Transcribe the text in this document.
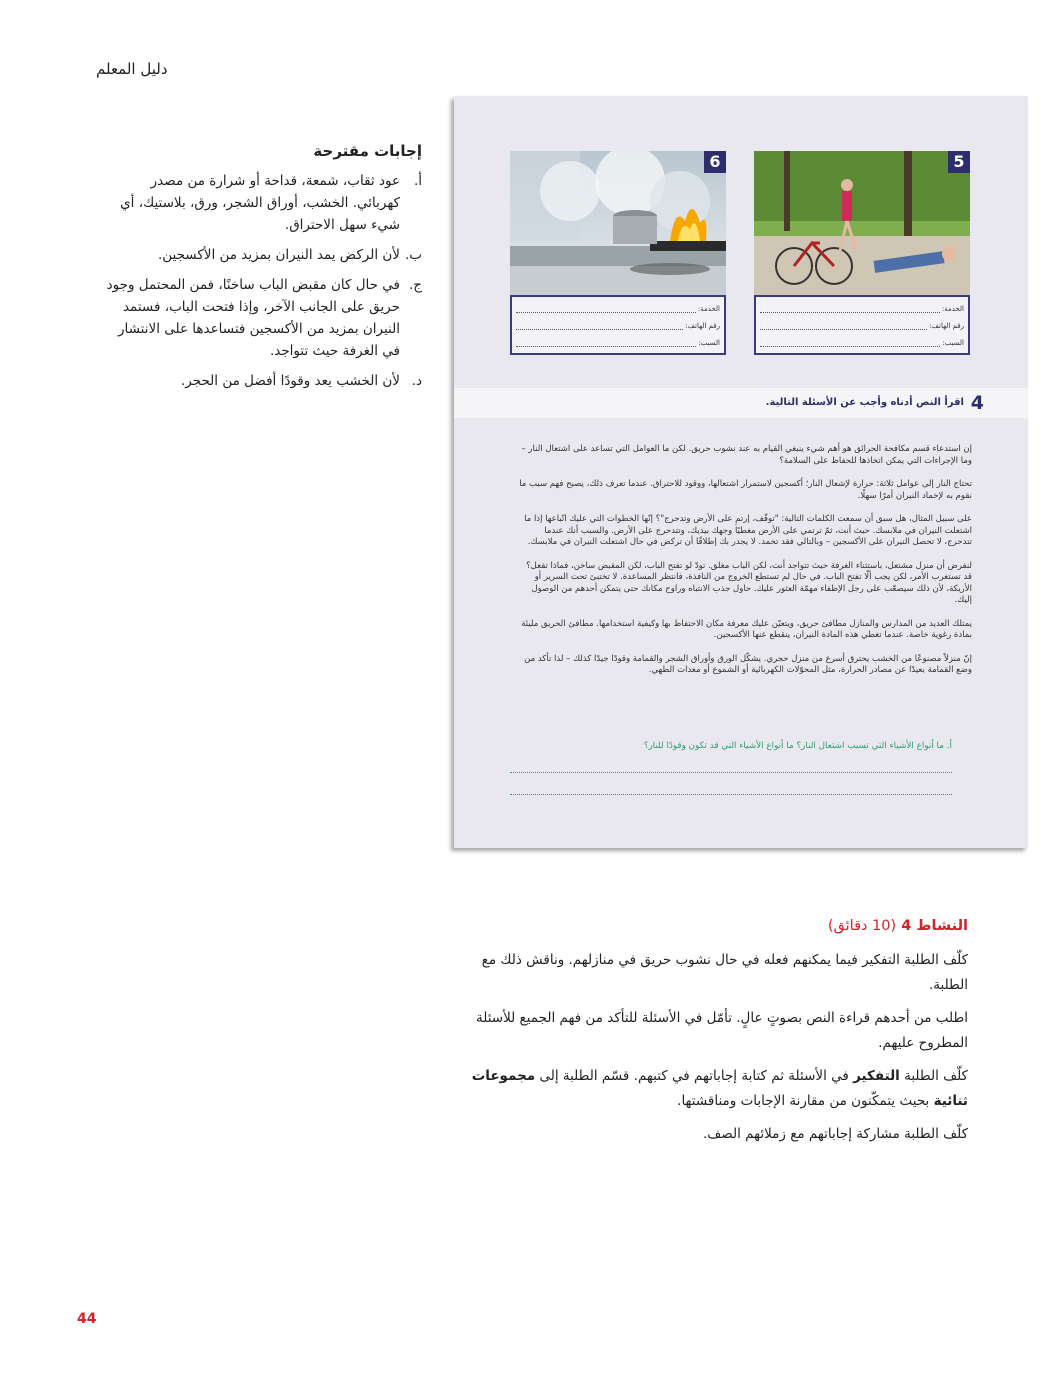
دليل المعلم
إجابات مقترحة
أ.
عود ثقاب، شمعة، قداحة أو شرارة من مصدر كهربائي. الخشب، أوراق الشجر، ورق، بلاستيك، أي شيء سهل الاحتراق.
ب.
لأن الركض يمد النيران بمزيد من الأكسجين.
ج.
في حال كان مقبض الباب ساخنًا، فمن المحتمل وجود حريق على الجانب الآخر، وإذا فتحت الباب، فستمد النيران بمزيد من الأكسجين فتساعدها على الانتشار في الغرفة حيث تتواجد.
د.
لأن الخشب يعد وقودًا أفضل من الحجر.
6	5
الخدمة:
رقم الهاتف:
السبب:
الخدمة:
رقم الهاتف:
السبب:
4
اقرأ النص أدناه وأجب عن الأسئلة التالية.

إن استدعاء قسم مكافحة الحرائق هو أهم شيء ينبغي القيام به عند نشوب حريق. لكن ما العوامل التي تساعد على اشتعال النار – وما الإجراءات التي يمكن اتخاذها للحفاظ على السلامة؟

تحتاج النار إلى عوامل ثلاثة: حرارة لإشعال النار؛ أكسجين لاستمرار اشتعالها، ووقود للاحتراق. عندما تعرف ذلك، يصبح فهم سبب ما نقوم به لإخماد النيران أمرًا سهلًا.

على سبيل المثال، هل سبق أن سمعت الكلمات التالية: "توقّف، إرتمِ على الأرض وتدحرج"؟ إنّها الخطوات التي عليك اتّباعها إذا ما اشتعلت النيران في ملابسك. حيث أنت، ثمّ ترتمي على الأرض مغطيًا وجهك بيديك، وتتدحرج على الأرض. والسبب أنك عندما تتدحرج، لا تحصل النيران على الأكسجين – وبالتالي فقد تخمد. لا يجدر بك إطلاقًا أن تركض في حال اشتعلت النيران في ملابسك.

لنفرض أن منزل مشتعل، باستثناء الغرفة حيث تتواجد أنت، لكن الباب مغلق. تودّ لو تفتح الباب، لكن المقبض ساخن، فماذا تفعل؟ قد تستغرب الأمر، لكن يجب ألّا تفتح الباب. في حال لم تستطع الخروج من النافذة، فانتظر المساعدة. لا تختبئ تحت السرير أو الأريكة، لأن ذلك سيصعّب على رجل الإطفاء مهمّة العثور عليك. حاول جذب الانتباه وراوح مكانك حتى يتمكن أحدهم من الوصول إليك.

يمتلك العديد من المدارس والمنازل مطافئ حريق، ويتعيّن عليك معرفة مكان الاحتفاظ بها وكيفية استخدامها. مطافئ الحريق مليئة بمادة رغوية خاصة. عندما تغطي هذه المادة النيران، ينقطع عنها الأكسجين.

إنّ منزلاً مصنوعًا من الخشب يحترق أسرع من منزل حجري. يشكّل الورق وأوراق الشجر والقمامة وقودًا جيدًا كذلك – لذا تأكد من وضع القمامة بعيدًا عن مصادر الحرارة، مثل المحوّلات الكهربائية أو الشموع أو معدات الطهي.

أ. ما أنواع الأشياء التي تسبب اشتعال النار؟ ما أنواع الأشياء التي قد تكون وقودًا للنار؟
النشاط 4 (10 دقائق)

كلّف الطلبة التفكير فيما يمكنهم فعله في حال نشوب حريق في منازلهم. وناقش ذلك مع الطلبة.

اطلب من أحدهم قراءة النص بصوتٍ عالٍ. تأمّل في الأسئلة للتأكد من فهم الجميع للأسئلة المطروح عليهم.

كلّف الطلبة التفكير في الأسئلة ثم كتابة إجاباتهم في كتبهم. قسّم الطلبة إلى مجموعات ثنائية بحيث يتمكّنون من مقارنة الإجابات ومناقشتها.

كلّف الطلبة مشاركة إجاباتهم مع زملائهم الصف.

44
